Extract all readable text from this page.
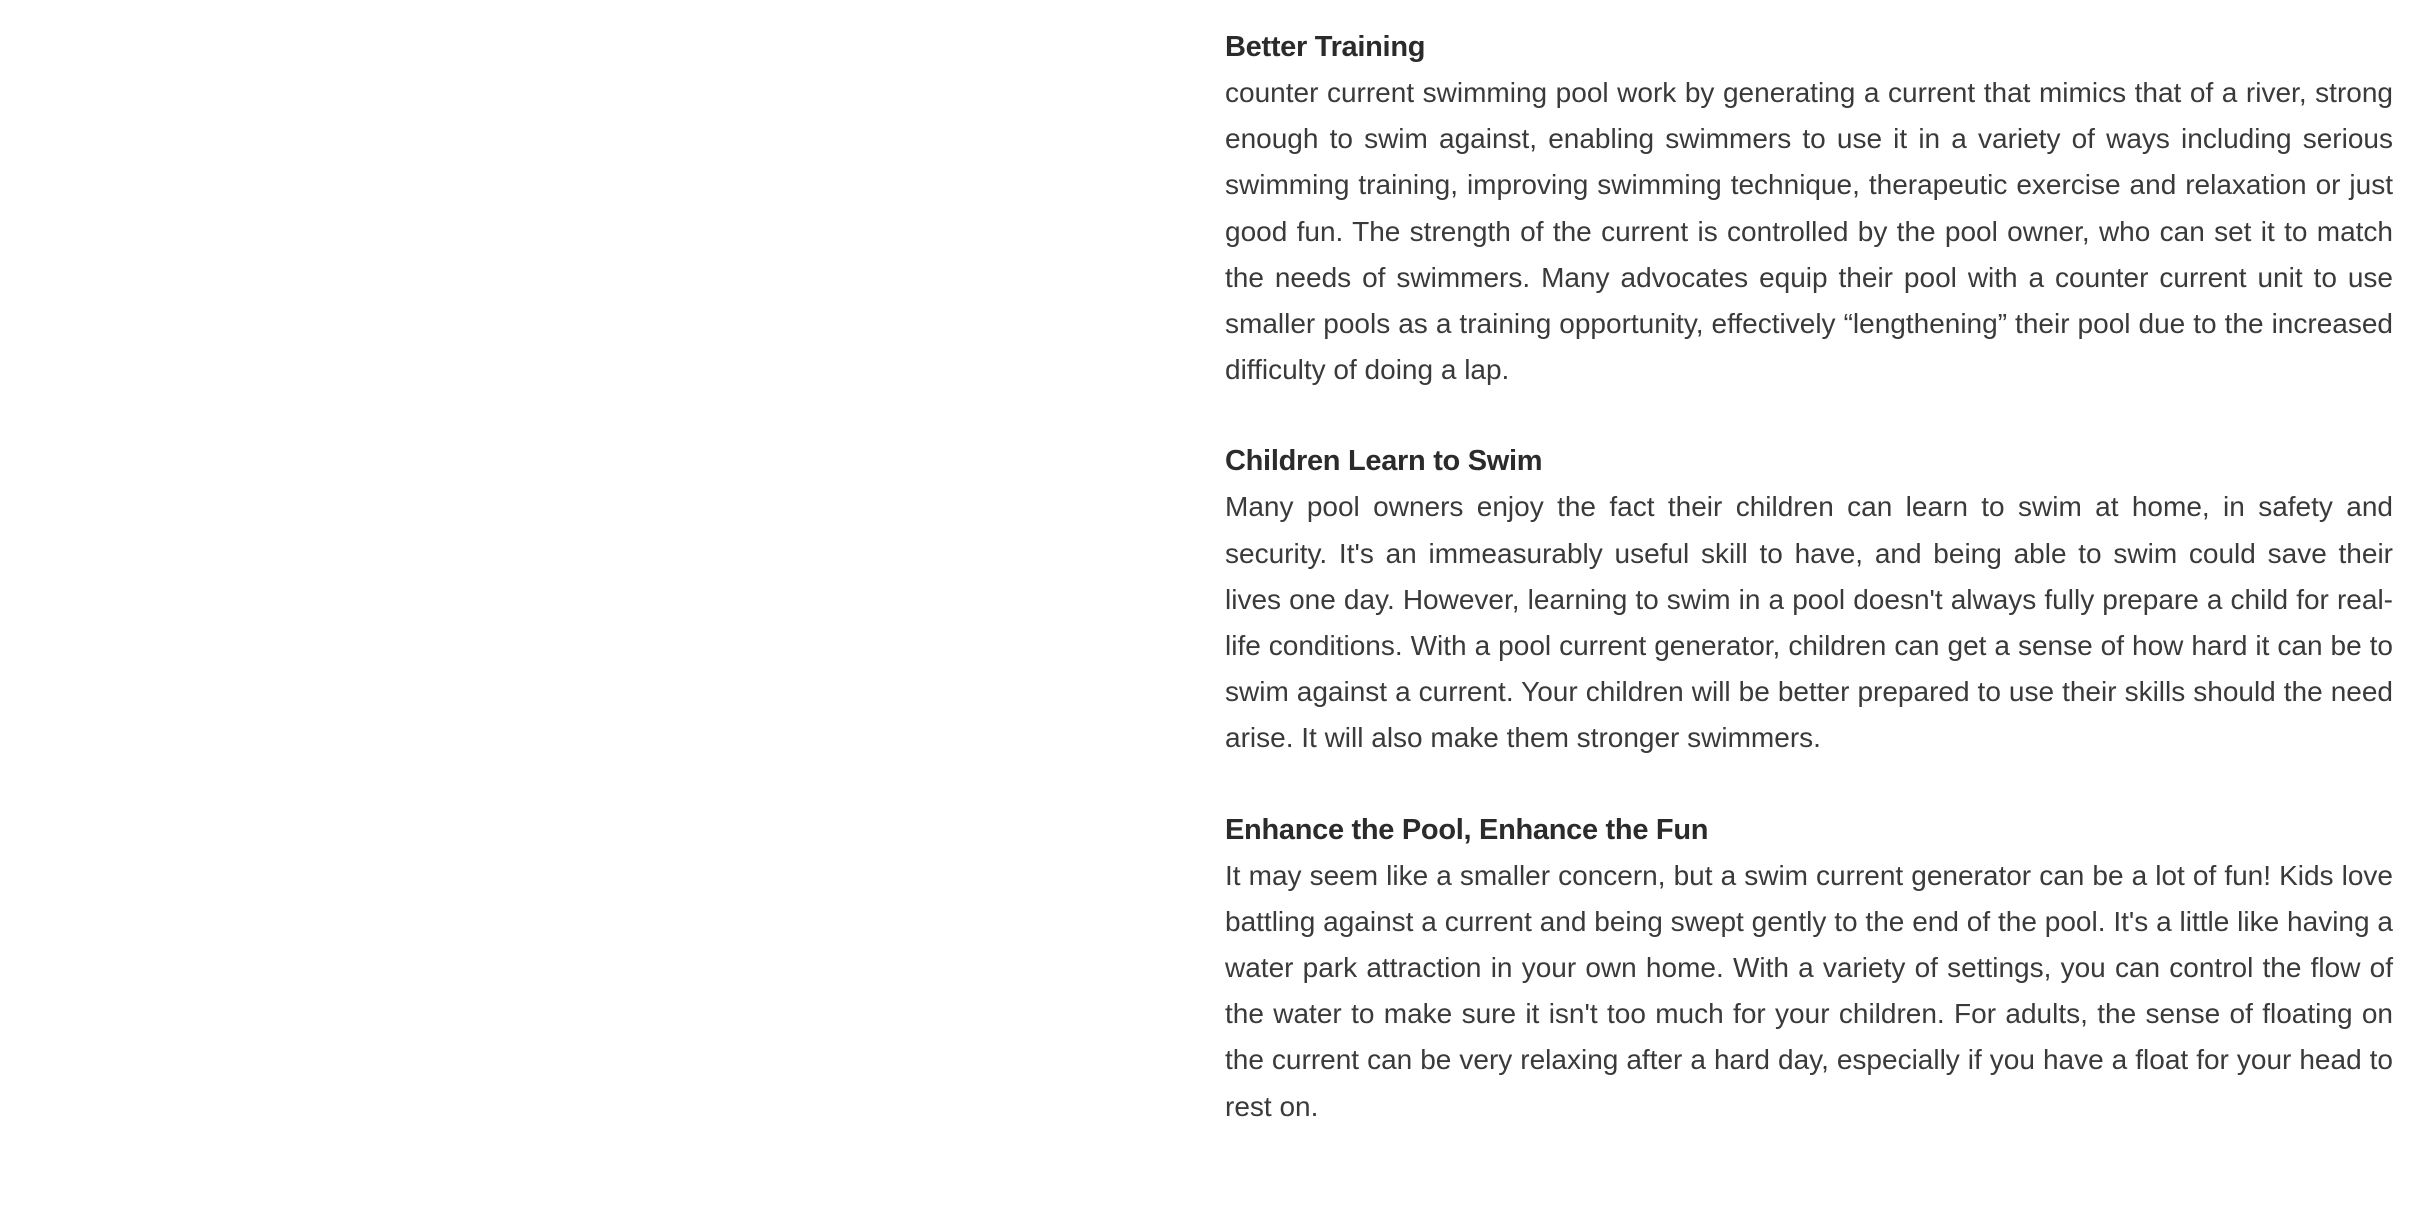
Better Training

counter current swimming pool work by generating a current that mimics that of a river, strong enough to swim against, enabling swimmers to use it in a variety of ways including serious swimming training, improving swimming technique, therapeutic exercise and relaxation or just good fun. The strength of the current is controlled by the pool owner, who can set it to match the needs of swimmers. Many advocates equip their pool with a counter current unit to use smaller pools as a training opportunity, effectively “lengthening” their pool due to the increased difficulty of doing a lap.

Children Learn to Swim

Many pool owners enjoy the fact their children can learn to swim at home, in safety and security. It's an immeasurably useful skill to have, and being able to swim could save their lives one day. However, learning to swim in a pool doesn't always fully prepare a child for real-life conditions. With a pool current generator, children can get a sense of how hard it can be to swim against a current. Your children will be better prepared to use their skills should the need arise. It will also make them stronger swimmers.

Enhance the Pool, Enhance the Fun

It may seem like a smaller concern, but a swim current generator can be a lot of fun! Kids love battling against a current and being swept gently to the end of the pool. It's a little like having a water park attraction in your own home. With a variety of settings, you can control the flow of the water to make sure it isn't too much for your children. For adults, the sense of floating on the current can be very relaxing after a hard day, especially if you have a float for your head to rest on.
